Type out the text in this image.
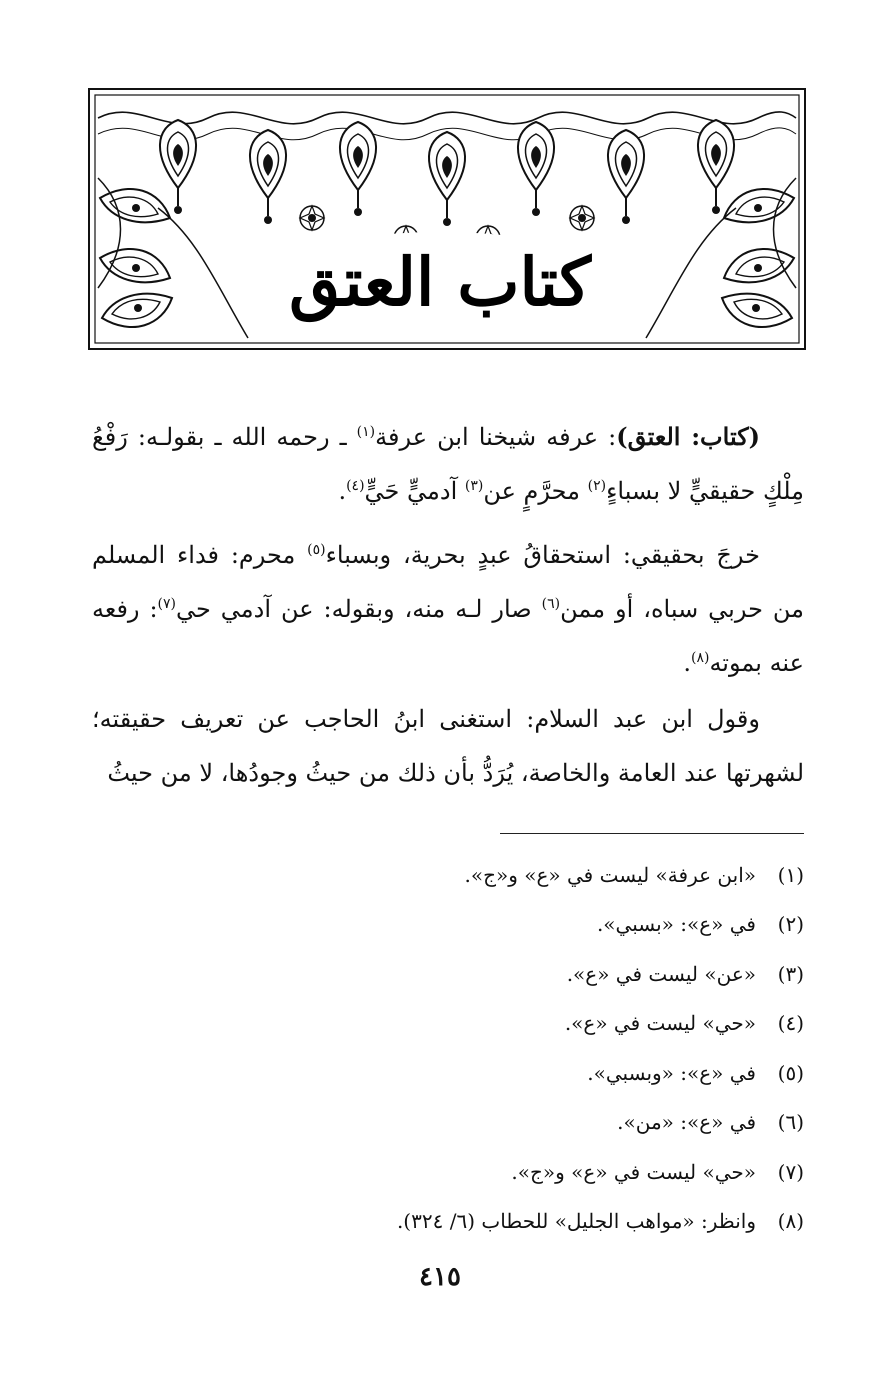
كتاب العتق

(كتاب: العتق): عرفه شيخنا ابن عرفة$^{(١)}$ ـ رحمه الله ـ بقولـه: رَفْعُ مِلْكٍ حقيقيٍّ لا بسباءٍ$^{(٢)}$ محرَّمٍ عن$^{(٣)}$ آدميٍّ حَيٍّ$^{(٤)}$.

خرجَ بحقيقي: استحقاقُ عبدٍ بحرية، وبسباء$^{(٥)}$ محرم: فداء المسلم من حربي سباه، أو ممن$^{(٦)}$ صار لـه منه، وبقوله: عن آدمي حي$^{(٧)}$: رفعه عنه بموته$^{(٨)}$.

وقول ابن عبد السلام: استغنى ابنُ الحاجب عن تعريف حقيقته؛ لشهرتها عند العامة والخاصة، يُرَدُّ بأن ذلك من حيثُ وجودُها، لا من حيثُ

(١)
«ابن عرفة» ليست في «ع» و«ج».
(٢)
في «ع»: «بسبي».
(٣)
«عن» ليست في «ع».
(٤)
«حي» ليست في «ع».
(٥)
في «ع»: «وبسبي».
(٦)
في «ع»: «من».
(٧)
«حي» ليست في «ع» و«ج».
(٨)
وانظر: «مواهب الجليل» للحطاب (٦/ ٣٢٤).
٤١٥
